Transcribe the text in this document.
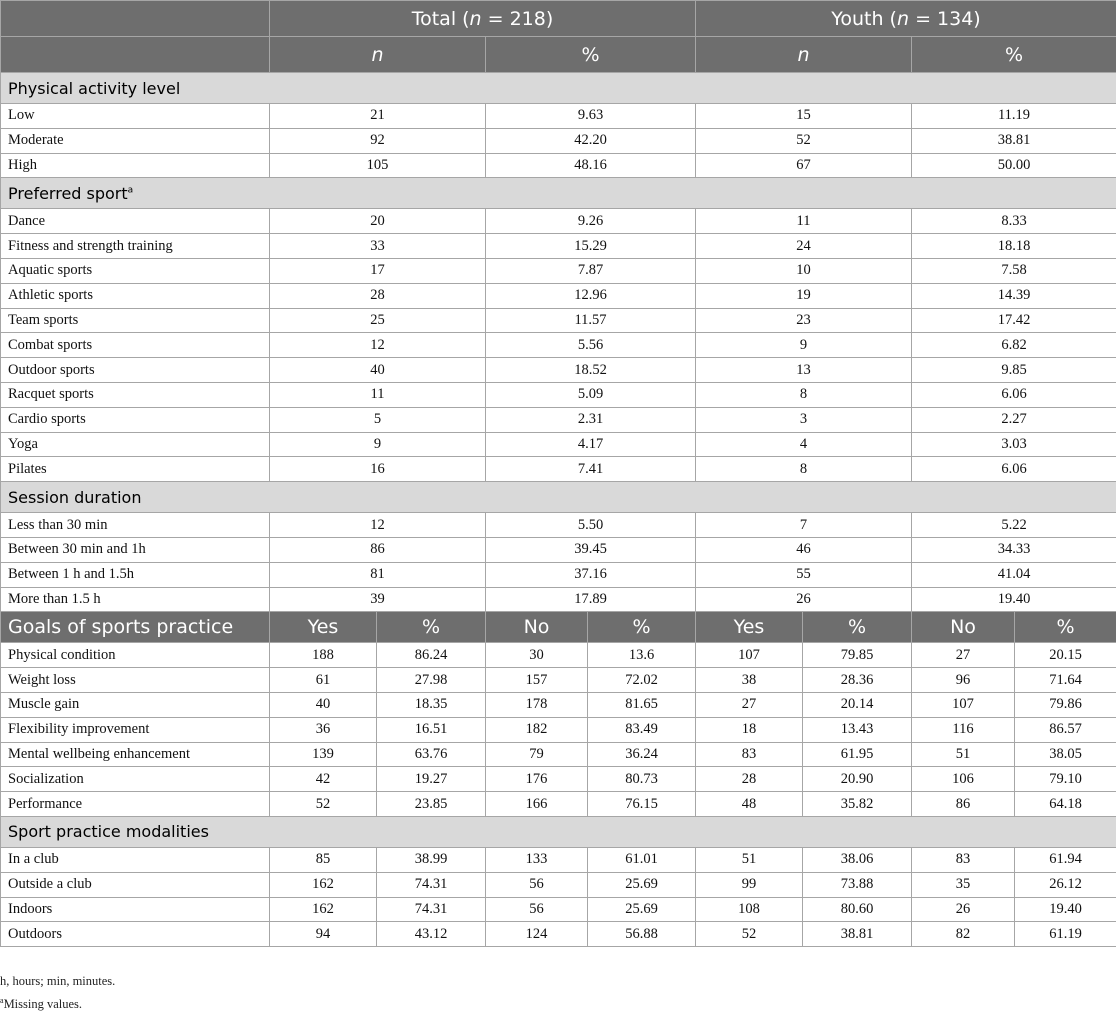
	Total (n = 218)				Youth (n = 134)			
	n		%		n		%	
Physical activity level								
Low	21		9.63		15		11.19	
Moderate	92		42.20		52		38.81	
High	105		48.16		67		50.00	
Preferred sport$^a$
Dance	20		9.26		11		8.33	
Fitness and strength training	33		15.29		24		18.18	
Aquatic sports	17		7.87		10		7.58	
Athletic sports	28		12.96		19		14.39	
Team sports	25		11.57		23		17.42	
Combat sports	12		5.56		9		6.82	
Outdoor sports	40		18.52		13		9.85	
Racquet sports	11		5.09		8		6.06	
Cardio sports	5		2.31		3		2.27	
Yoga	9		4.17		4		3.03	
Pilates	16		7.41		8		6.06	
Session duration								
Less than 30 min	12		5.50		7		5.22	
Between 30 min and 1h	86		39.45		46		34.33	
Between 1 h and 1.5h	81		37.16		55		41.04	
More than 1.5 h	39		17.89		26		19.40	
Goals of sports practice	Yes	%	No	%	Yes	%	No	%
Physical condition	188	86.24	30	13.6	107	79.85	27	20.15
Weight loss	61	27.98	157	72.02	38	28.36	96	71.64
Muscle gain	40	18.35	178	81.65	27	20.14	107	79.86
Flexibility improvement	36	16.51	182	83.49	18	13.43	116	86.57
Mental wellbeing enhancement	139	63.76	79	36.24	83	61.95	51	38.05
Socialization	42	19.27	176	80.73	28	20.90	106	79.10
Performance	52	23.85	166	76.15	48	35.82	86	64.18
Sport practice modalities								
In a club	85	38.99	133	61.01	51	38.06	83	61.94
Outside a club	162	74.31	56	25.69	99	73.88	35	26.12
Indoors	162	74.31	56	25.69	108	80.60	26	19.40
Outdoors	94	43.12	124	56.88	52	38.81	82	61.19
h, hours; min, minutes.
$^a$Missing values.
